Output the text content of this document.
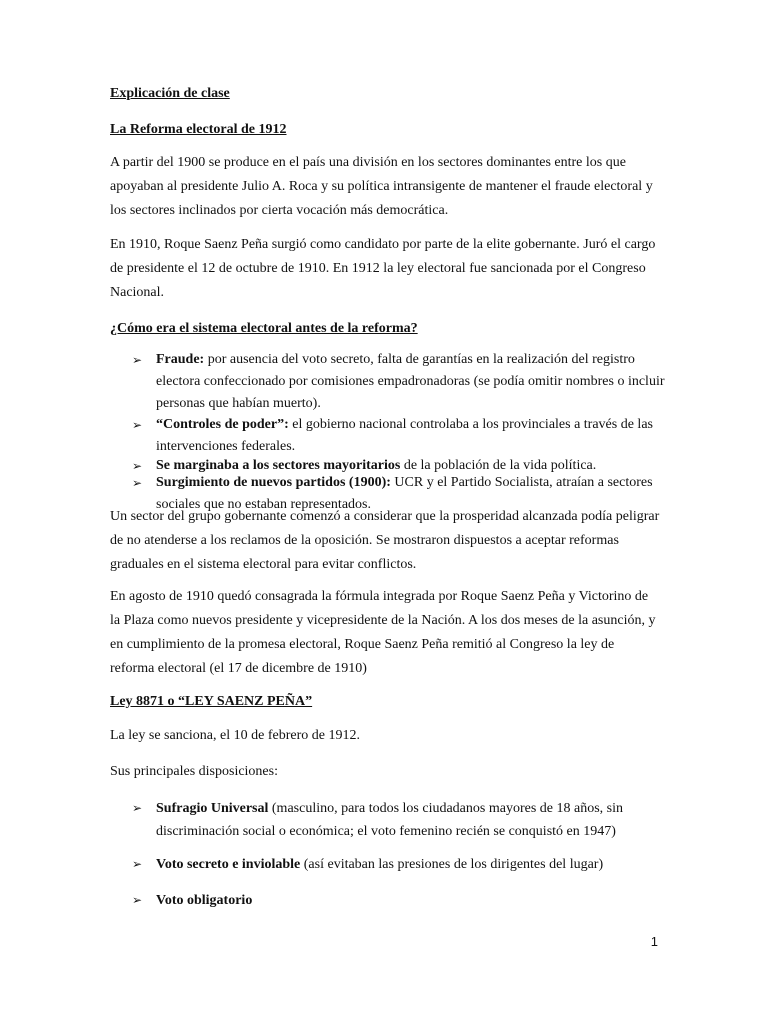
Explicación de clase

La Reforma electoral de 1912

A partir del 1900 se produce en el país una división en los sectores dominantes entre los que apoyaban al presidente Julio A. Roca y su política intransigente de mantener el fraude electoral y los sectores inclinados por cierta vocación más democrática.

En 1910, Roque Saenz Peña surgió como candidato por parte de la elite gobernante. Juró el cargo de presidente el 12 de octubre de 1910. En 1912 la ley electoral fue sancionada por el Congreso Nacional.

¿Cómo era el sistema electoral antes de la reforma?

➢ Fraude: por ausencia del voto secreto, falta de garantías en la realización del registro electora confeccionado por comisiones empadronadoras (se podía omitir nombres o incluir personas que habían muerto).
➢ “Controles de poder”: el gobierno nacional controlaba a los provinciales a través de las intervenciones federales.
➢ Se marginaba a los sectores mayoritarios de la población de la vida política.
➢ Surgimiento de nuevos partidos (1900): UCR y el Partido Socialista, atraían a sectores sociales que no estaban representados.

Un sector del grupo gobernante comenzó a considerar que la prosperidad alcanzada podía peligrar de no atenderse a los reclamos de la oposición. Se mostraron dispuestos a aceptar reformas graduales en el sistema electoral para evitar conflictos.

En agosto de 1910 quedó consagrada la fórmula integrada por Roque Saenz Peña y Victorino de la Plaza como nuevos presidente y vicepresidente de la Nación. A los dos meses de la asunción, y en cumplimiento de la promesa electoral, Roque Saenz Peña remitió al Congreso la ley de reforma electoral (el 17 de dicembre de 1910)

Ley 8871 o “LEY SAENZ PEÑA”

La ley se sanciona, el 10 de febrero de 1912.

Sus principales disposiciones:

➢ Sufragio Universal (masculino, para todos los ciudadanos mayores de 18 años, sin discriminación social o económica; el voto femenino recién se conquistó en 1947)
➢ Voto secreto e inviolable (así evitaban las presiones de los dirigentes del lugar)
➢ Voto obligatorio
1
